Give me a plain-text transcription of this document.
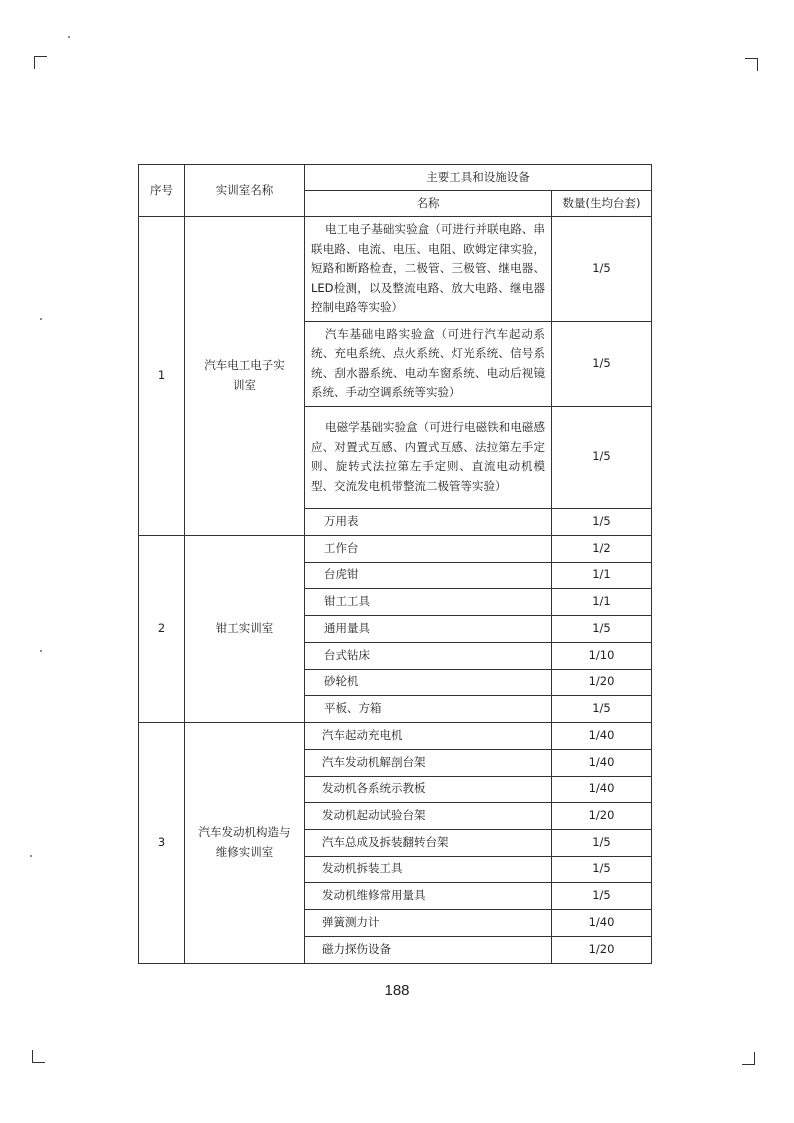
序号	实训室名称	主要工具和设施设备	
		名称	数量(生均台套)
1	汽车电工电子实训室	电工电子基础实验盒（可进行并联电路、串联电路、电流、电压、电阻、欧姆定律实验，短路和断路检查，二极管、三极管、继电器、LED检测，以及整流电路、放大电路、继电器控制电路等实验）	1/5
		汽车基础电路实验盒（可进行汽车起动系统、充电系统、点火系统、灯光系统、信号系统、刮水器系统、电动车窗系统、电动后视镜系统、手动空调系统等实验）	1/5
		电磁学基础实验盒（可进行电磁铁和电磁感应、对置式互感、内置式互感、法拉第左手定则、旋转式法拉第左手定则、直流电动机模型、交流发电机带整流二极管等实验）	1/5
		万用表	1/5
2	钳工实训室	工作台	1/2
		台虎钳	1/1
		钳工工具	1/1
		通用量具	1/5
		台式钻床	1/10
		砂轮机	1/20
		平板、方箱	1/5
3	汽车发动机构造与维修实训室	汽车起动充电机	1/40
		汽车发动机解剖台架	1/40
		发动机各系统示教板	1/40
		发动机起动试验台架	1/20
		汽车总成及拆装翻转台架	1/5
		发动机拆装工具	1/5
		发动机维修常用量具	1/5
		弹簧测力计	1/40
		磁力探伤设备	1/20
188
